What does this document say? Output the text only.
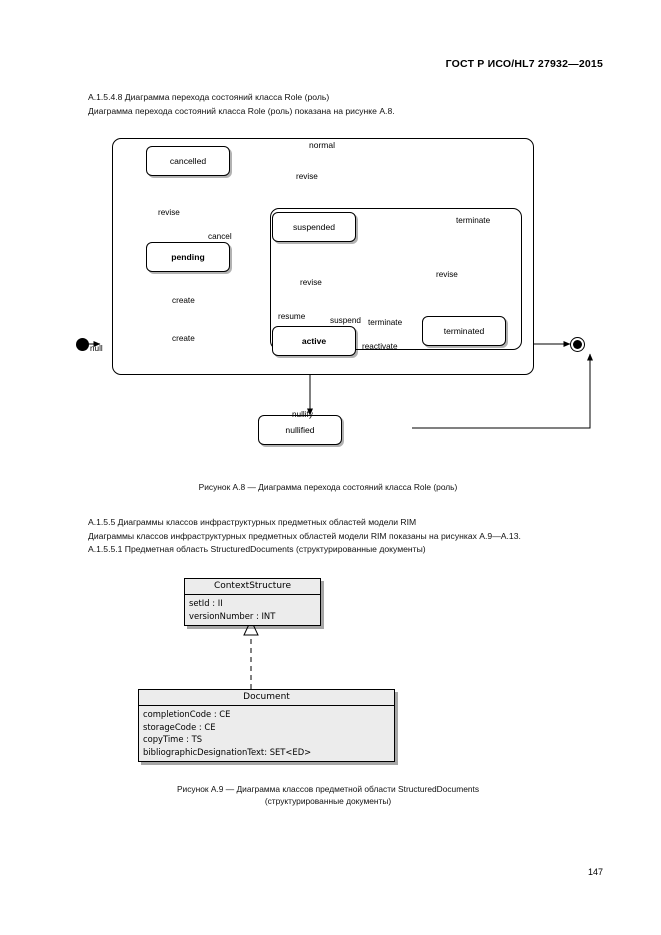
ГОСТ Р ИСО/HL7 27932—2015
А.1.5.4.8 Диаграмма перехода состояний класса Role (роль)
Диаграмма перехода состояний класса Role (роль) показана на рисунке А.8.
normal
cancelled
pending
suspended
active
terminated
nullified
null
create
create
revise
cancel
revise
revise
suspend
resume
terminate
terminate
reactivate
revise
nullify
Рисунок А.8 — Диаграмма перехода состояний класса Role (роль)
А.1.5.5 Диаграммы классов инфраструктурных предметных областей модели RIM
Диаграммы классов инфраструктурных предметных областей модели RIM показаны на рисунках А.9—А.13.
А.1.5.5.1 Предметная область StructuredDocuments (структурированные документы)
ContextStructure
setId : II
versionNumber : INT
Document
completionCode : CE
storageCode : CE
copyTime : TS
bibliographicDesignationText: SET<ED>
Рисунок А.9 — Диаграмма классов предметной области StructuredDocuments
(структурированные документы)
147
